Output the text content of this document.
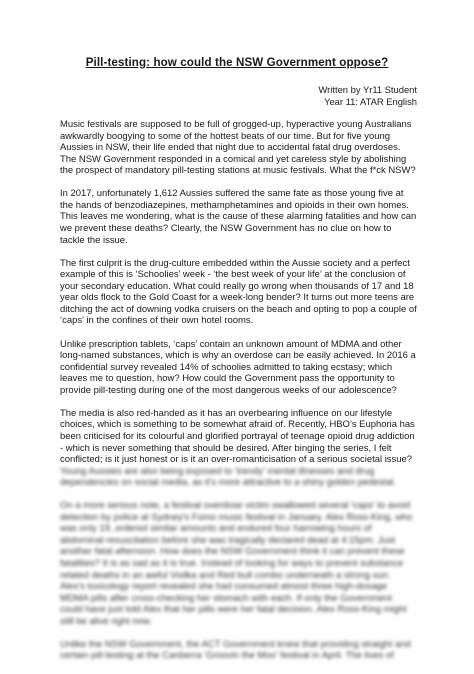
Pill-testing: how could the NSW Government oppose?
Written by Yr11 Student
Year 11: ATAR English

Music festivals are supposed to be full of grogged-up, hyperactive young Australians awkwardly boogying to some of the hottest beats of our time. But for five young Aussies in NSW, their life ended that night due to accidental fatal drug overdoses. The NSW Government responded in a comical and yet careless style by abolishing the prospect of mandatory pill-testing stations at music festivals. What the f*ck NSW?

In 2017, unfortunately 1,612 Aussies suffered the same fate as those young five at the hands of benzodiazepines, methamphetamines and opioids in their own homes. This leaves me wondering, what is the cause of these alarming fatalities and how can we prevent these deaths? Clearly, the NSW Government has no clue on how to tackle the issue.

The first culprit is the drug-culture embedded within the Aussie society and a perfect example of this is ‘Schoolies’ week - ‘the best week of your life’ at the conclusion of your secondary education. What could really go wrong when thousands of 17 and 18 year olds flock to the Gold Coast for a week-long bender? It turns out more teens are ditching the act of downing vodka cruisers on the beach and opting to pop a couple of ‘caps’ in the confines of their own hotel rooms.

Unlike prescription tablets, ‘caps’ contain an unknown amount of MDMA and other long-named substances, which is why an overdose can be easily achieved. In 2016 a confidential survey revealed 14% of schoolies admitted to taking ecstasy; which leaves me to question, how? How could the Government pass the opportunity to provide pill-testing during one of the most dangerous weeks of our adolescence?

The media is also red-handed as it has an overbearing influence on our lifestyle choices, which is something to be somewhat afraid of. Recently, HBO’s Euphoria has been criticised for its colourful and glorified portrayal of teenage opioid drug addiction - which is never something that should be desired. After binging the series, I felt conflicted; is it just honest or is it an over-romanticisation of a serious societal issue?

Young Aussies are also being exposed to 'trendy' mental illnesses and drug dependencies on social media, as it's more attractive to a shiny golden pedestal.

On a more serious note, a festival overdose victim swallowed several 'caps' to avoid detection by police at Sydney's Fomo music festival in January. Alex Ross-King, who was only 19, ordered similar amounts and endured four harrowing hours of abdominal resuscitation before she was tragically declared dead at 4:15pm. Just another fatal afternoon. How does the NSW Government think it can prevent these fatalities? It is as sad as it is true. Instead of looking for ways to prevent substance related deaths in an awful Vodka and Red bull combo underneath a strong sun. Alex's toxicology report revealed she had consumed almost three high-dosage MDMA pills after cross-checking her stomach with each. If only the Government could have just told Alex that her pills were her fatal decision. Alex Ross-King might still be alive right now.

Unlike the NSW Government, the ACT Government knew that providing straight and certain pill-testing at the Canberra 'Groovin the Moo' festival in April. The lives of
